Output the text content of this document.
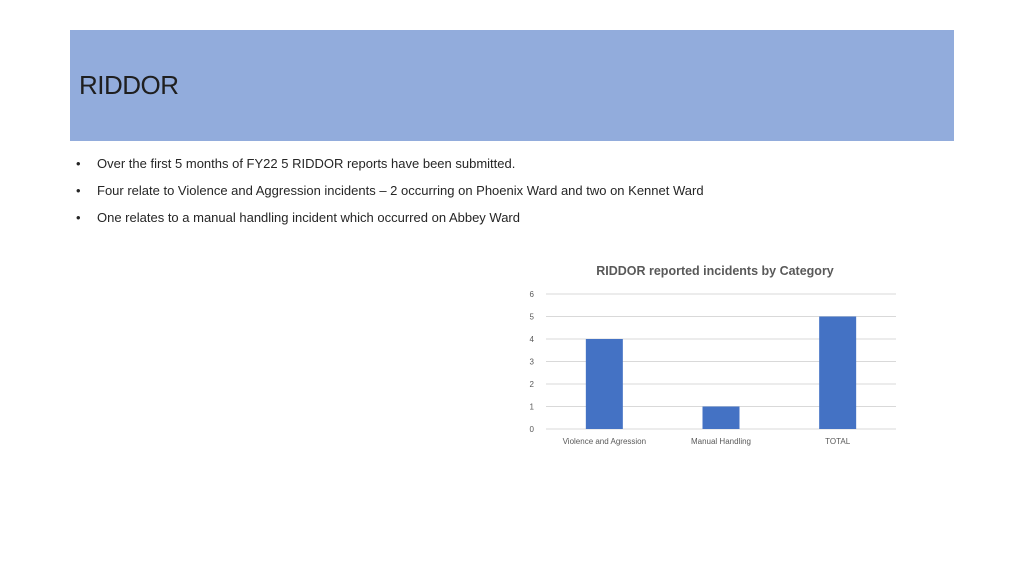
RIDDOR
• Over the first 5 months of FY22 5 RIDDOR reports have been submitted.
• Four relate to Violence and Aggression incidents – 2 occurring on Phoenix Ward and two on Kennet Ward
• One relates to a manual handling incident which occurred on Abbey Ward
RIDDOR reported incidents by Category
0
1
2
3
4
5
6
Violence and Agression	Manual Handling	TOTAL
